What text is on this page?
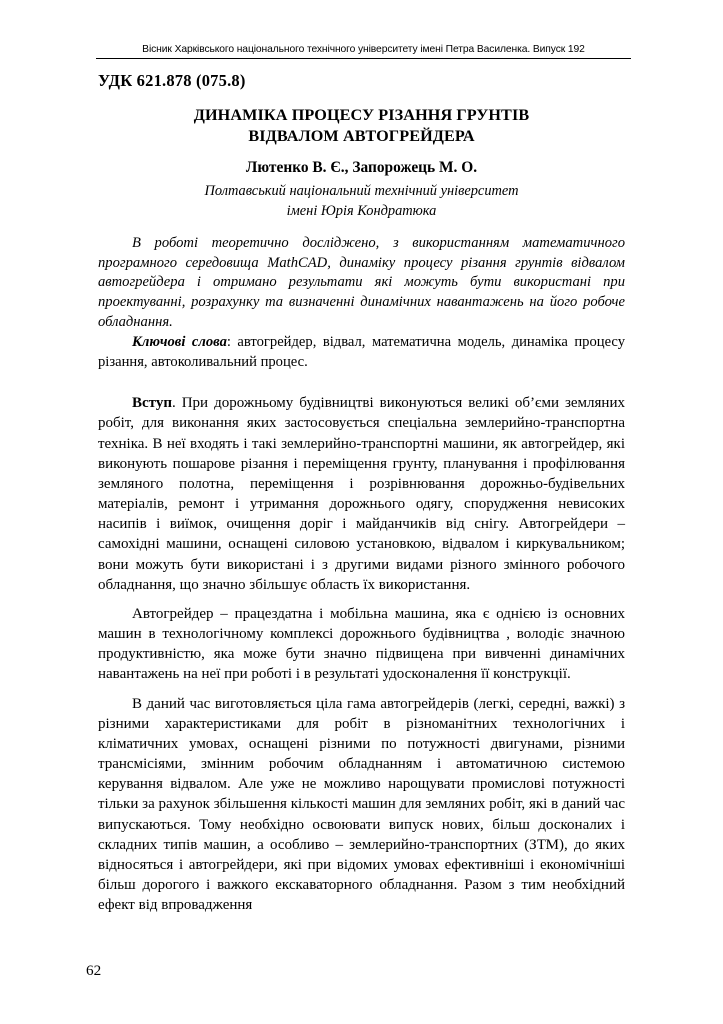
Вісник Харківського національного технічного університету імені Петра Василенка. Випуск 192
УДК 621.878 (075.8)
ДИНАМІКА ПРОЦЕСУ РІЗАННЯ ГРУНТІВ
ВІДВАЛОМ АВТОГРЕЙДЕРА
Лютенко В. Є., Запорожець М. О.
Полтавський національний технічний університет
імені Юрія Кондратюка
В роботі теоретично досліджено, з використанням математичного програмного середовища MathCAD, динаміку процесу різання грунтів відвалом автогрейдера і отримано результати які можуть бути використані при проектуванні, розрахунку та визначенні динамічних навантажень на його робоче обладнання.
Ключові слова: автогрейдер, відвал, математична модель, динаміка процесу різання, автоколивальний процес.
Вступ. При дорожньому будівництві виконуються великі об’єми земляних робіт, для виконання яких застосовується спеціальна землерийно-транспортна техніка. В неї входять і такі землерийно-транспортні машини, як автогрейдер, які виконують пошарове різання і переміщення грунту, планування і профілювання земляного полотна, переміщення і розрівнювання дорожньо-будівельних матеріалів, ремонт і утримання дорожнього одягу, спорудження невисоких насипів і виїмок, очищення доріг і майданчиків від снігу. Автогрейдери – самохідні машини, оснащені силовою установкою, відвалом і киркувальником; вони можуть бути використані і з другими видами різного змінного робочого обладнання, що значно збільшує область їх використання.
Автогрейдер – працездатна і мобільна машина, яка є однією із основних машин в технологічному комплексі дорожнього будівництва , володіє значною продуктивністю, яка може бути значно підвищена при вивченні динамічних навантажень на неї при роботі і в результаті удосконалення її конструкції.
В даний час виготовляється ціла гама автогрейдерів (легкі, середні, важкі) з різними характеристиками для робіт в різноманітних технологічних і кліматичних умовах, оснащені різними по потужності двигунами, різними трансмісіями, змінним робочим обладнанням і автоматичною системою керування відвалом. Але уже не можливо нарощувати промислові потужності тільки за рахунок збільшення кількості машин для земляних робіт, які в даний час випускаються. Тому необхідно освоювати випуск нових, більш досконалих і складних типів машин, а особливо – землерийно-транспортних (ЗТМ), до яких відносяться і автогрейдери, які при відомих умовах ефективніші і економічніші більш дорогого і важкого екскаваторного обладнання. Разом з тим необхідний ефект від впровадження
62
